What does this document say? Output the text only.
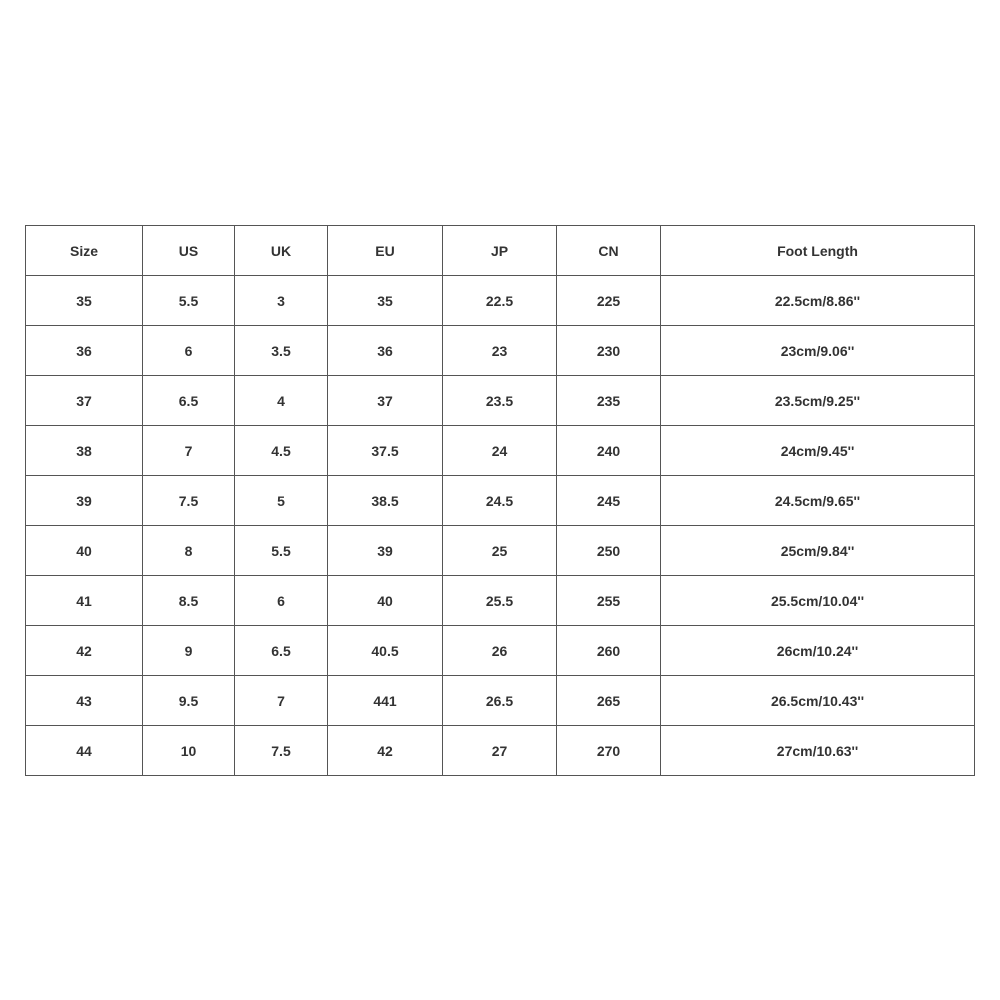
Size	US	UK	EU	JP	CN	Foot Length
35	5.5	3	35	22.5	225	22.5cm/8.86''
36	6	3.5	36	23	230	23cm/9.06''
37	6.5	4	37	23.5	235	23.5cm/9.25''
38	7	4.5	37.5	24	240	24cm/9.45''
39	7.5	5	38.5	24.5	245	24.5cm/9.65''
40	8	5.5	39	25	250	25cm/9.84''
41	8.5	6	40	25.5	255	25.5cm/10.04''
42	9	6.5	40.5	26	260	26cm/10.24''
43	9.5	7	441	26.5	265	26.5cm/10.43''
44	10	7.5	42	27	270	27cm/10.63''
